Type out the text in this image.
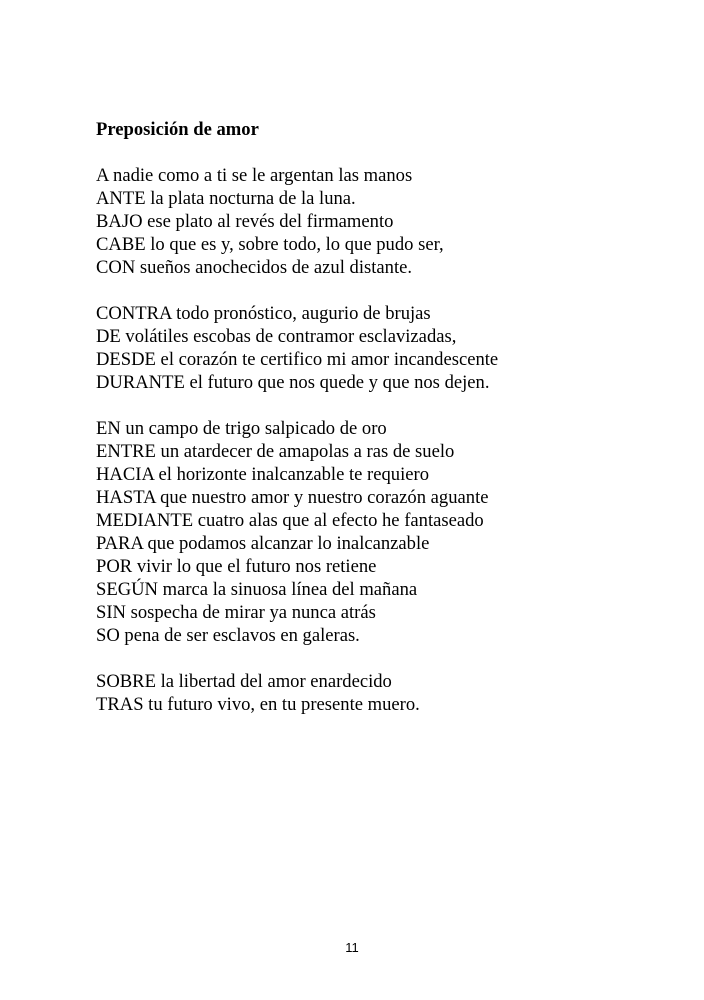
Preposición de amor
A nadie como a ti se le argentan las manos
ANTE la plata nocturna de la luna.
BAJO ese plato al revés del firmamento
CABE lo que es y, sobre todo, lo que pudo ser,
CON sueños anochecidos de azul distante.
CONTRA todo pronóstico, augurio de brujas
DE volátiles escobas de contramor esclavizadas,
DESDE el corazón te certifico mi amor incandescente
DURANTE el futuro que nos quede y que nos dejen.
EN un campo de trigo salpicado de oro
ENTRE un atardecer de amapolas a ras de suelo
HACIA el horizonte inalcanzable te requiero
HASTA que nuestro amor y nuestro corazón aguante
MEDIANTE cuatro alas que al efecto he fantaseado
PARA que podamos alcanzar lo inalcanzable
POR vivir lo que el futuro nos retiene
SEGÚN marca la sinuosa línea del mañana
SIN sospecha de mirar ya nunca atrás
SO pena de ser esclavos en galeras.
SOBRE la libertad del amor enardecido
TRAS tu futuro vivo, en tu presente muero.
11
